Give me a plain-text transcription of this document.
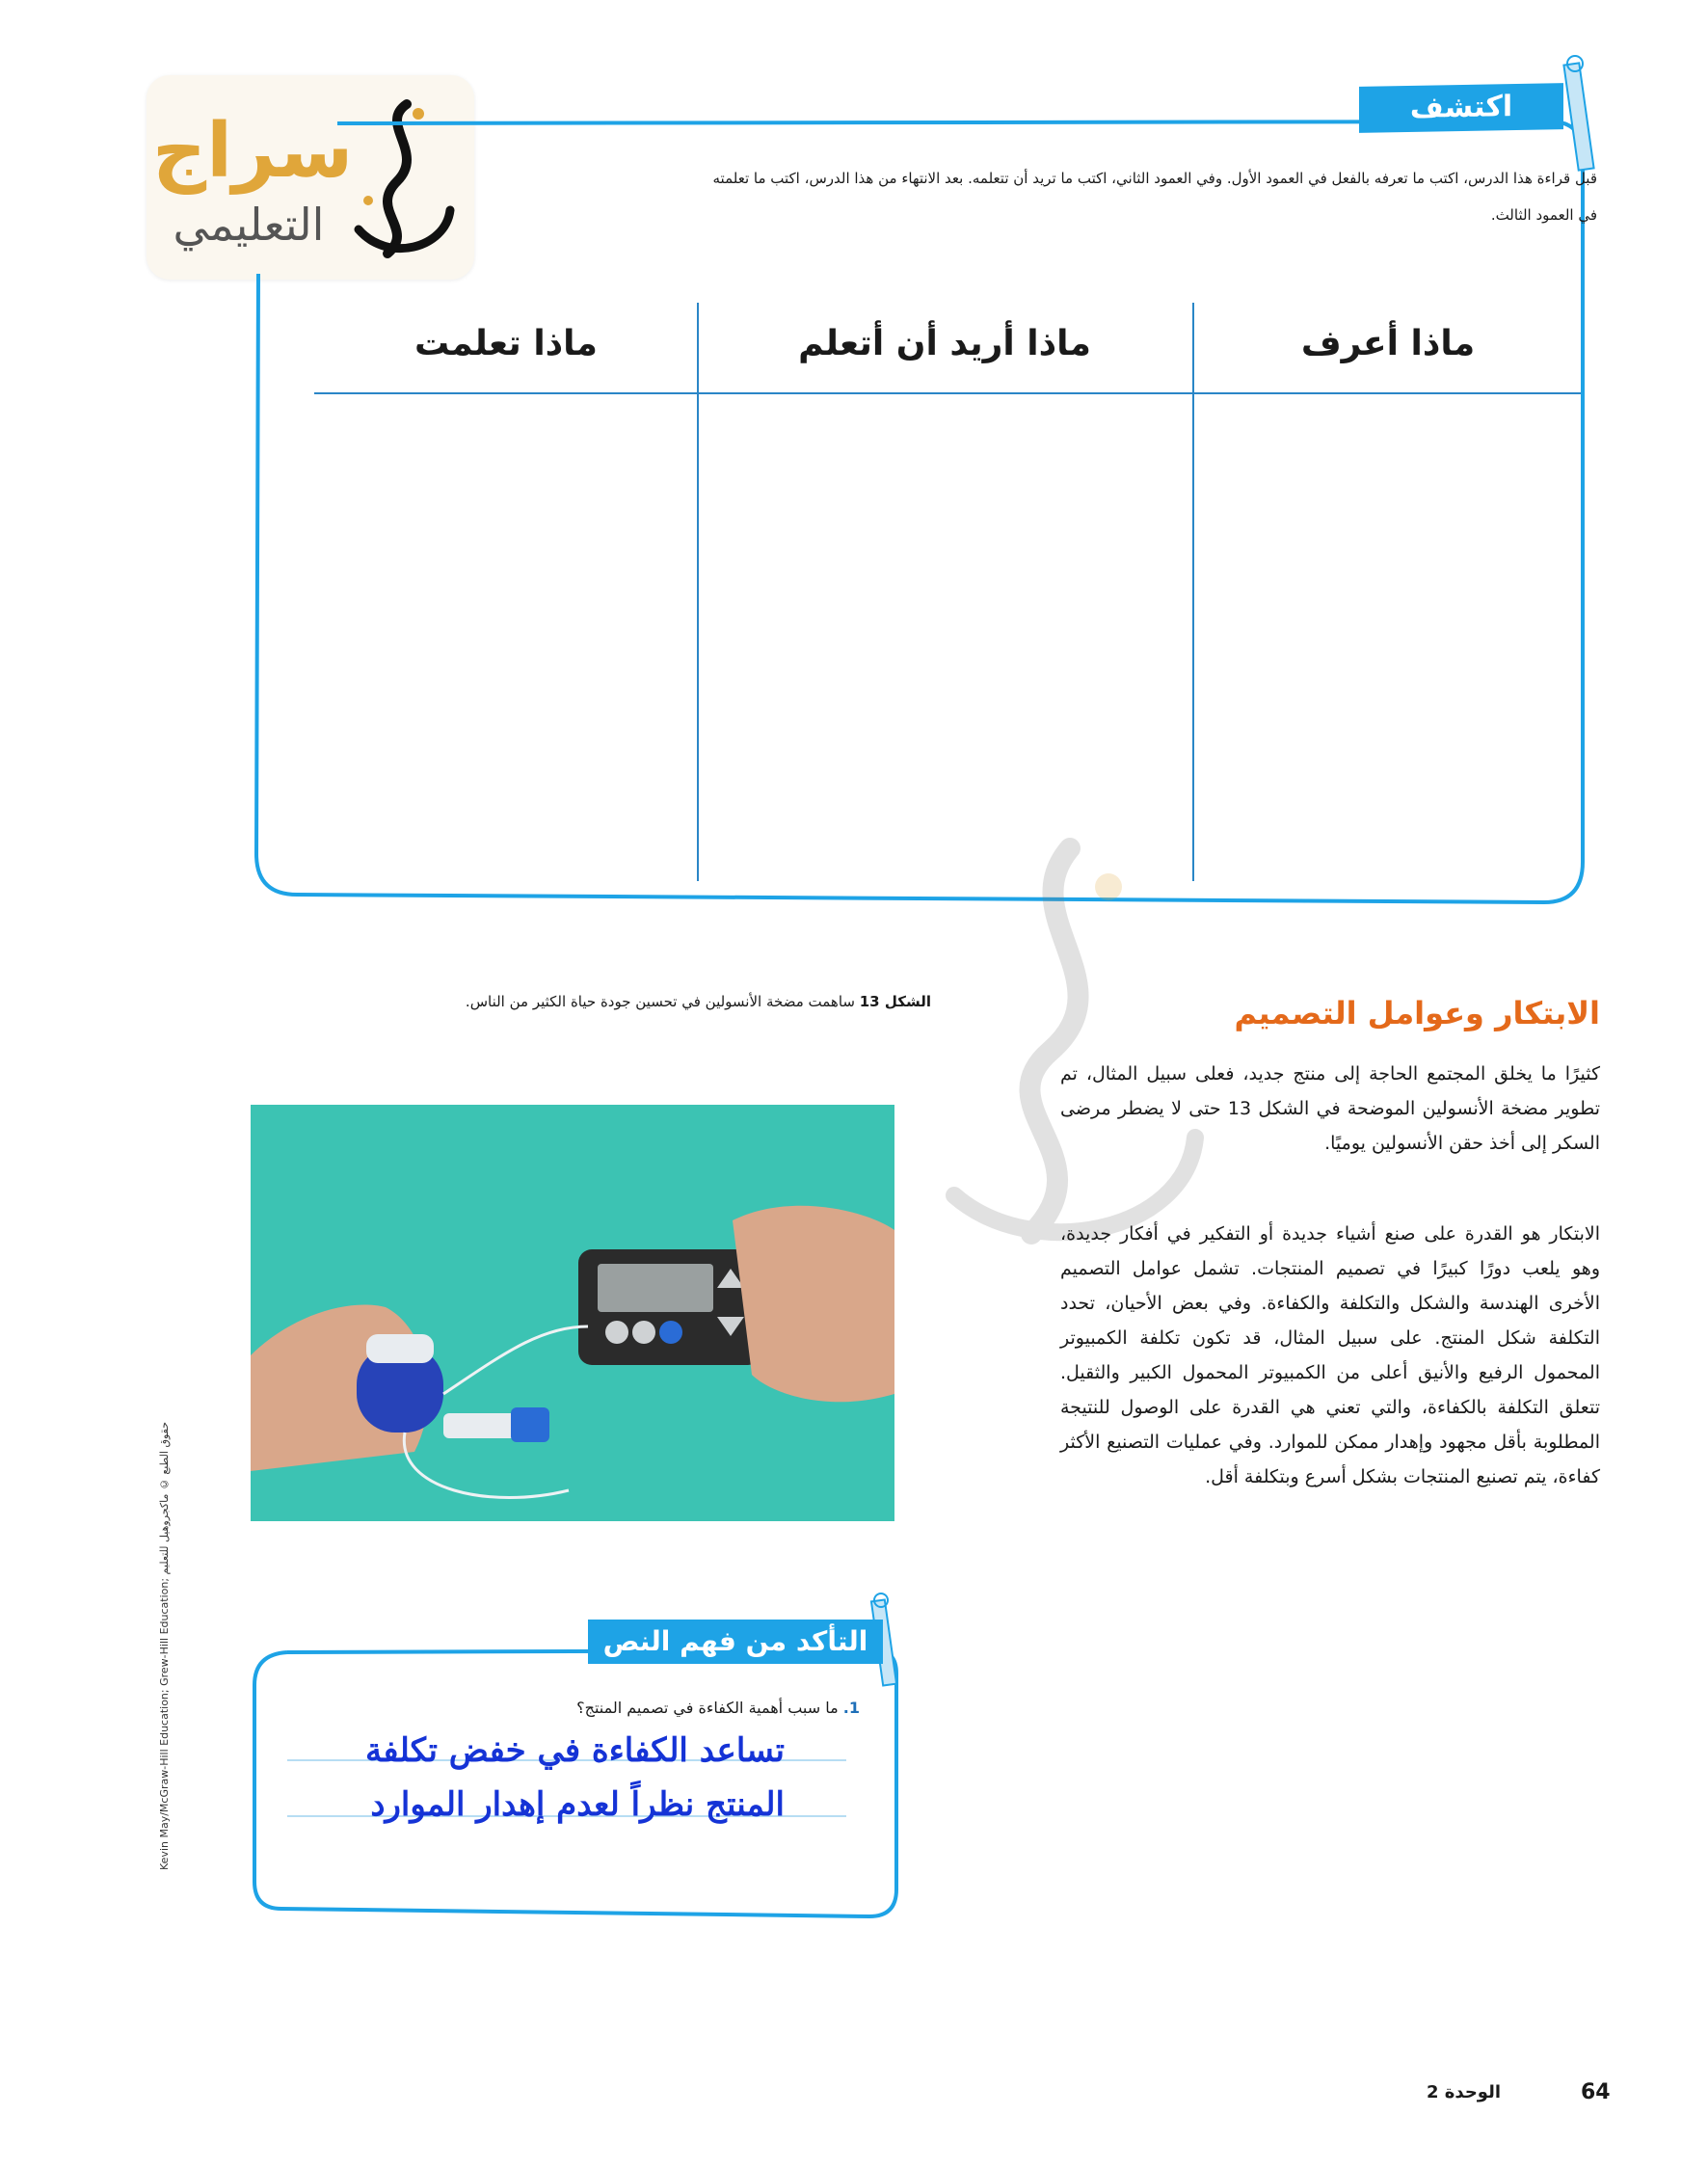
سراج
التعليمي
اكتشف
قبل قراءة هذا الدرس، اكتب ما تعرفه بالفعل في العمود الأول. وفي العمود الثاني، اكتب ما تريد أن تتعلمه. بعد الانتهاء من هذا الدرس، اكتب ما تعلمته
في العمود الثالث.
ماذا أعرف
ماذا أريد أن أتعلم
ماذا تعلمت
الابتكار وعوامل التصميم
كثيرًا ما يخلق المجتمع الحاجة إلى منتج جديد، فعلى سبيل المثال، تم تطوير مضخة الأنسولين الموضحة في الشكل 13 حتى لا يضطر مرضى السكر إلى أخذ حقن الأنسولين يوميًا.
الابتكار هو القدرة على صنع أشياء جديدة أو التفكير في أفكار جديدة، وهو يلعب دورًا كبيرًا في تصميم المنتجات. تشمل عوامل التصميم الأخرى الهندسة والشكل والتكلفة والكفاءة. وفي بعض الأحيان، تحدد التكلفة شكل المنتج. على سبيل المثال، قد تكون تكلفة الكمبيوتر المحمول الرفيع والأنيق أعلى من الكمبيوتر المحمول الكبير والثقيل. تتعلق التكلفة بالكفاءة، والتي تعني هي القدرة على الوصول للنتيجة المطلوبة بأقل مجهود وإهدار ممكن للموارد. وفي عمليات التصنيع الأكثر كفاءة، يتم تصنيع المنتجات بشكل أسرع وبتكلفة أقل.
الشكل 13 ساهمت مضخة الأنسولين في تحسين جودة حياة الكثير من الناس.
Kevin May/McGraw-Hill Education; Grew-Hill Education; حقوق الطبع © ماكجروهيل للتعليم
التأكد من فهم النص
1. ما سبب أهمية الكفاءة في تصميم المنتج؟
تساعد الكفاءة في خفض تكلفة
المنتج نظراً لعدم إهدار الموارد
64
الوحدة 2
